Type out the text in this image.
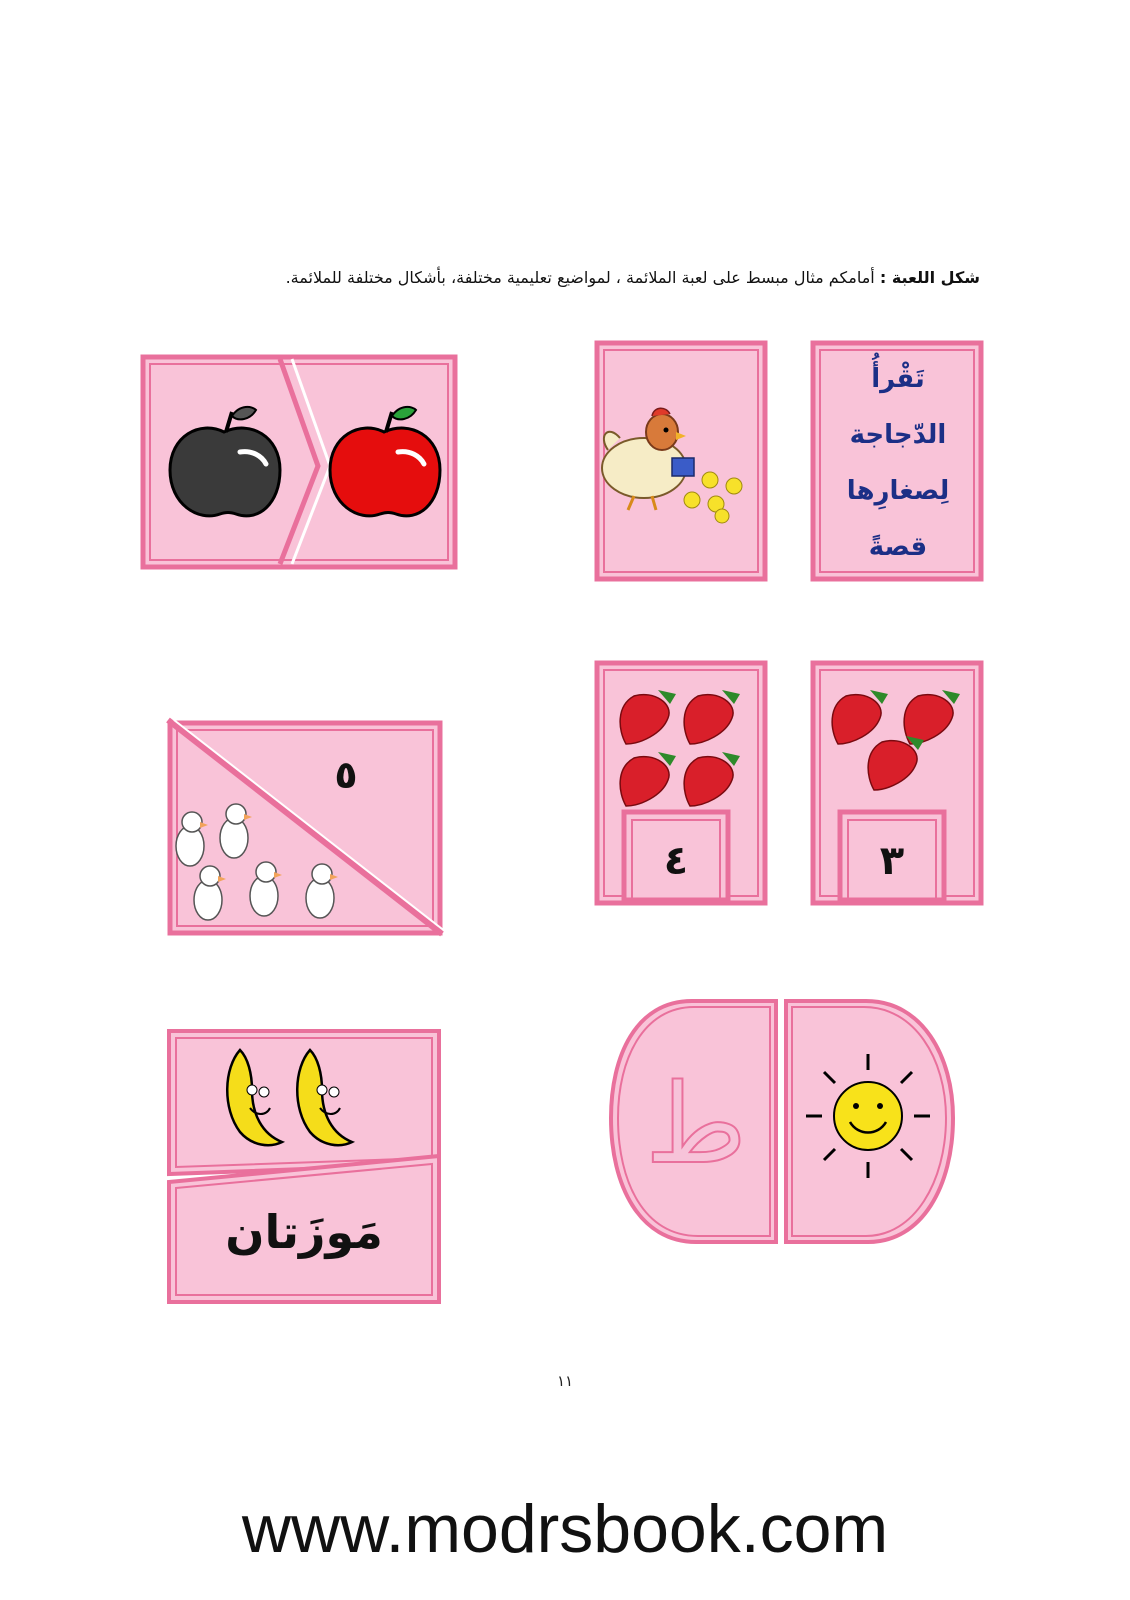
شكل اللعبة : أمامكم مثال مبسط على لعبة الملائمة ، لمواضيع تعليمية مختلفة، بأشكال مختلفة للملائمة.
تَقْرأُ
الدّجاجة
لِصغارِها
قصةً
٥
٤	٣
مَوزَتان
ط
١١
www.modrsbook.com
